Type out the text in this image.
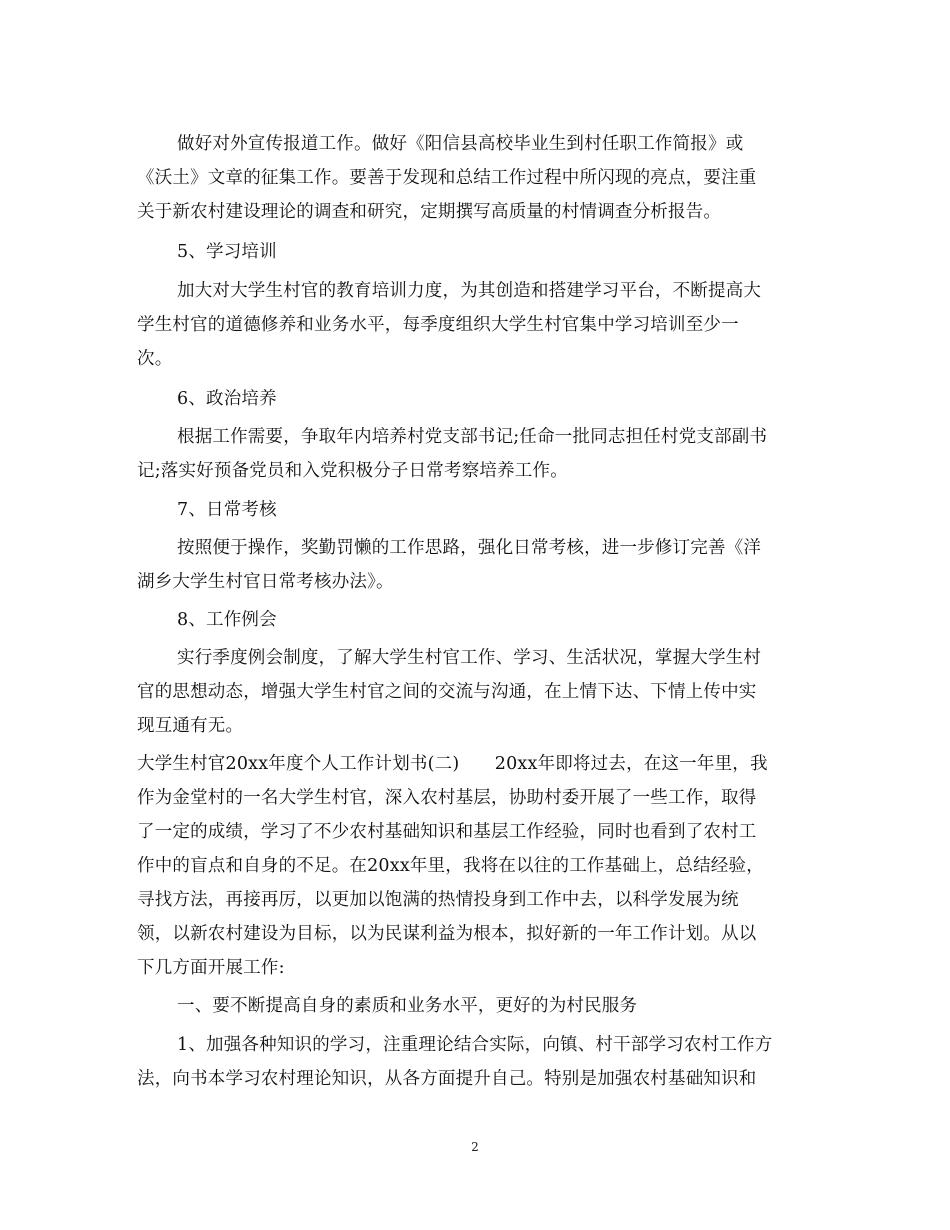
做好对外宣传报道工作。做好《阳信县高校毕业生到村任职工作简报》或
《沃土》文章的征集工作。要善于发现和总结工作过程中所闪现的亮点，要注重
关于新农村建设理论的调查和研究，定期撰写高质量的村情调查分析报告。
5、学习培训
加大对大学生村官的教育培训力度，为其创造和搭建学习平台，不断提高大
学生村官的道德修养和业务水平，每季度组织大学生村官集中学习培训至少一
次。
6、政治培养
根据工作需要，争取年内培养村党支部书记;任命一批同志担任村党支部副书
记;落实好预备党员和入党积极分子日常考察培养工作。
7、日常考核
按照便于操作，奖勤罚懒的工作思路，强化日常考核，进一步修订完善《洋
湖乡大学生村官日常考核办法》。
8、工作例会
实行季度例会制度，了解大学生村官工作、学习、生活状况，掌握大学生村
官的思想动态，增强大学生村官之间的交流与沟通，在上情下达、下情上传中实
现互通有无。
大学生村官20xx年度个人工作计划书(二)　　20xx年即将过去，在这一年里，我
作为金堂村的一名大学生村官，深入农村基层，协助村委开展了一些工作，取得
了一定的成绩，学习了不少农村基础知识和基层工作经验，同时也看到了农村工
作中的盲点和自身的不足。在20xx年里，我将在以往的工作基础上，总结经验，
寻找方法，再接再厉，以更加以饱满的热情投身到工作中去，以科学发展为统
领，以新农村建设为目标，以为民谋利益为根本，拟好新的一年工作计划。从以
下几方面开展工作:
一、要不断提高自身的素质和业务水平，更好的为村民服务
1、加强各种知识的学习，注重理论结合实际，向镇、村干部学习农村工作方
法，向书本学习农村理论知识，从各方面提升自己。特别是加强农村基础知识和
2
